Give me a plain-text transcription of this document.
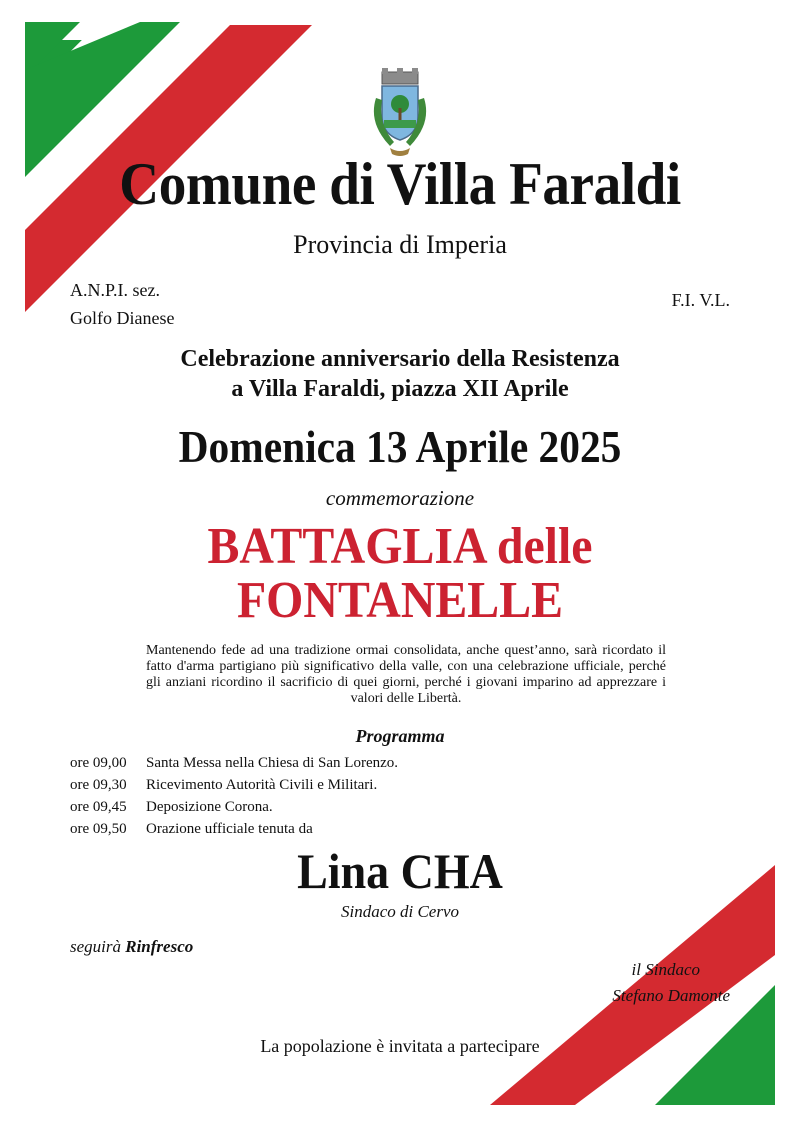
Comune di Villa Faraldi
Provincia di Imperia
A.N.P.I. sez.
Golfo Dianese
F.I. V.L.
Celebrazione anniversario della Resistenza
a Villa Faraldi, piazza XII Aprile
Domenica 13 Aprile 2025
commemorazione
BATTAGLIA delle
FONTANELLE
Mantenendo fede ad una tradizione ormai consolidata, anche quest’anno, sarà ricordato il fatto d'arma partigiano più significativo della valle, con una celebrazione ufficiale, perché gli anziani ricordino il sacrificio di quei giorni, perché i giovani imparino ad apprezzare i valori delle Libertà.
Programma
ore 09,00	Santa Messa nella Chiesa di San Lorenzo.
ore 09,30	Ricevimento Autorità Civili e Militari.
ore 09,45	Deposizione Corona.
ore 09,50	Orazione ufficiale tenuta da
Lina CHA
Sindaco di Cervo
seguirà Rinfresco
il Sindaco
Stefano Damonte
La popolazione è invitata a partecipare
